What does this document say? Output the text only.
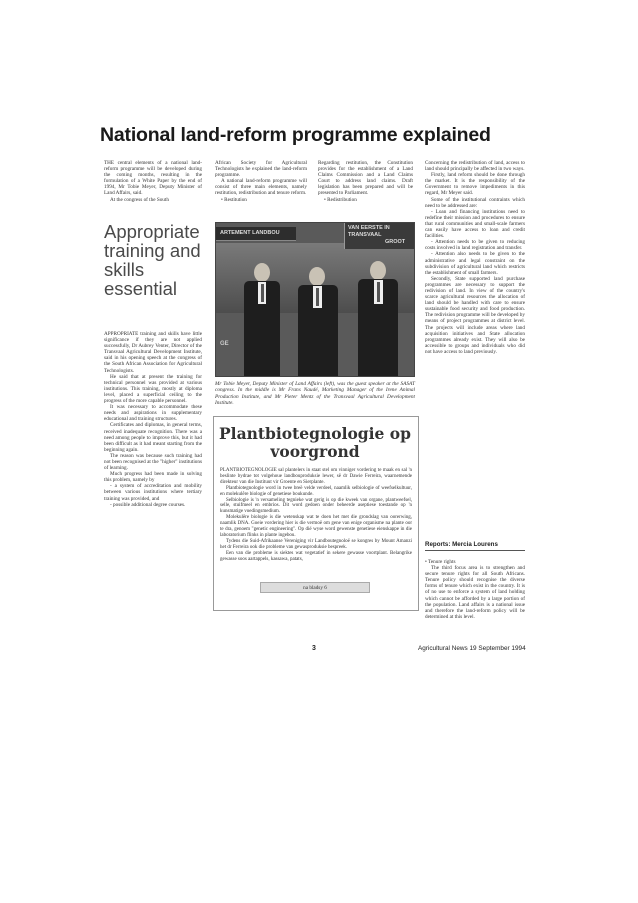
National land-reform programme explained

THE central elements of a national land-reform programme will be developed during the coming months, resulting in the formulation of a White Paper by the end of 1994, Mr Tobie Meyer, Deputy Minister of Land Affairs, said.

At the congress of the South

Appropriate training and skills essential

APPROPRIATE training and skills have little significance if they are not applied successfully, Dr Aubrey Venter, Director of the Transvaal Agricultural Development Institute, said in his opening speech at the congress of the South African Association for Agricultural Technologists.

He said that at present the training for technical personnel was provided at various institutions. This training, mostly at diploma level, placed a superficial ceiling to the progress of the more capable personnel.

It was necessary to accommodate these needs and aspirations in supplementary educational and training structures.

Certificates and diplomas, in general terms, received inadequate recognition. There was a need among people to improve this, but it had been difficult as it had meant starting from the beginning again.

The reason was because such training had not been recognised at the "higher" institutions of learning.

Much progress had been made in solving this problem, namely by

- a system of accreditation and mobility between various institutions where tertiary training was provided, and

- possible additional degree courses.

African Society for Agricultural Technologists he explained the land-reform programme.

A national land-reform programme will consist of three main elements, namely restitution, redistribution and tenure reform.

• Restitution

Regarding restitution, the Constitution provides for the establishment of a Land Claims Commission and a Land Claims Court to address land claims. Draft legislation has been prepared and will be presented to Parliament.

• Redistribution

Concerning the redistribution of land, access to land should principally be affected in two ways.

Firstly, land reform should be done through the market. It is the responsibility of the Government to remove impediments in this regard, Mr Meyer said.

Some of the institutional contraints which need to be addressed are:

- Loan and financing institutions need to redefine their mission and procedures to ensure that rural communities and small-scale farmers can easily have access to loan and credit facilities.

- Attention needs to be given to reducing costs involved in land registration and transfer.

- Attention also needs to be given to the administrative and legal constraint on the subdivision of agricultural land which restricts the establishment of small farmers.

Secondly, State supported land purchase programmes are necessary to support the redivision of land. In view of the country's scarce agricultural resources the allocation of land should be handled with care to ensure sustainable food security and food production. The redivision programme will be developed by means of project programmes at district level. The projects will include areas where land acquisition initiatives and State allocation programmes already exist. They will also be accessible to groups and individuals who did not have access to land previously.

Reports: Mercia Lourens

• Tenure rights

The third focus area is to strengthen and secure tenure rights for all South Africans. Tenure policy should recognise the diverse forms of tenure which exist in the country. It is of no use to enforce a system of land holding which cannot be afforded by a large portion of the population. Land affairs is a national issue and therefore the land-reform policy will be determined at this level.

ARTEMENT LANDBOU
VAN EERSTE IN
TRANSVAAL
GROOT
GE
Mr Tobie Meyer, Deputy Minister of Land Affairs (left), was the guest speaker at the SASAT congress. In the middle is Mr Frans Naudé, Marketing Manager of the Irene Animal Production Institute, and Mr Pieter Mentz of the Transvaal Agricultural Development Institute.
Plantbiotegnologie op voorgrond

PLANTBIOTEGNOLOGIE sal plantelers in staat stel om vinniger vordering te maak en sal 'n beslinte bydrae tot volgehoue landbouproduksie lewer, sê dr Dawie Ferreira, waarnemende direkteur van die Instituut vir Groente en Sierplante.

Plantbiotegnologie word in twee breë velde verdeel, naamlik selbiologie of weefselkultuur, en molekulêre biologie of genetiese boukunde.

Selbiologie is 'n versameling tegnieke wat gerig is op die kweek van organe, plantweefsel, selle, stuifmeel en embrios. Dit word gedoen onder beheerde aseptiese toestande op 'n kunsmatige voedingsmedium.

Molekulêre biologie is die wetenskap wat te doen het met die grondslag van oorerwing, naamlik DNA. Goeie vordering hier is die vermoë om gene van enige organisme na plante oor te dra, genoem "genetic engineering". Op dié wyse word gewenste genetiese eienskappe in die laboratorium flinks in plante ingebou.

Tydens die Suid-Afrikaanse Vereniging vir Landboutegnoloë se kongres by Mount Amanzi het dr Ferreira ook die probleme van gewasproduksie bespreek.

Een van die probleme is siektes wat vegetatief in sekere gewasse voortplant. Belangrike gewasse soos aartappels, kassawa, patats,

na bladsy 6
3	Agricultural News 19 September 1994
